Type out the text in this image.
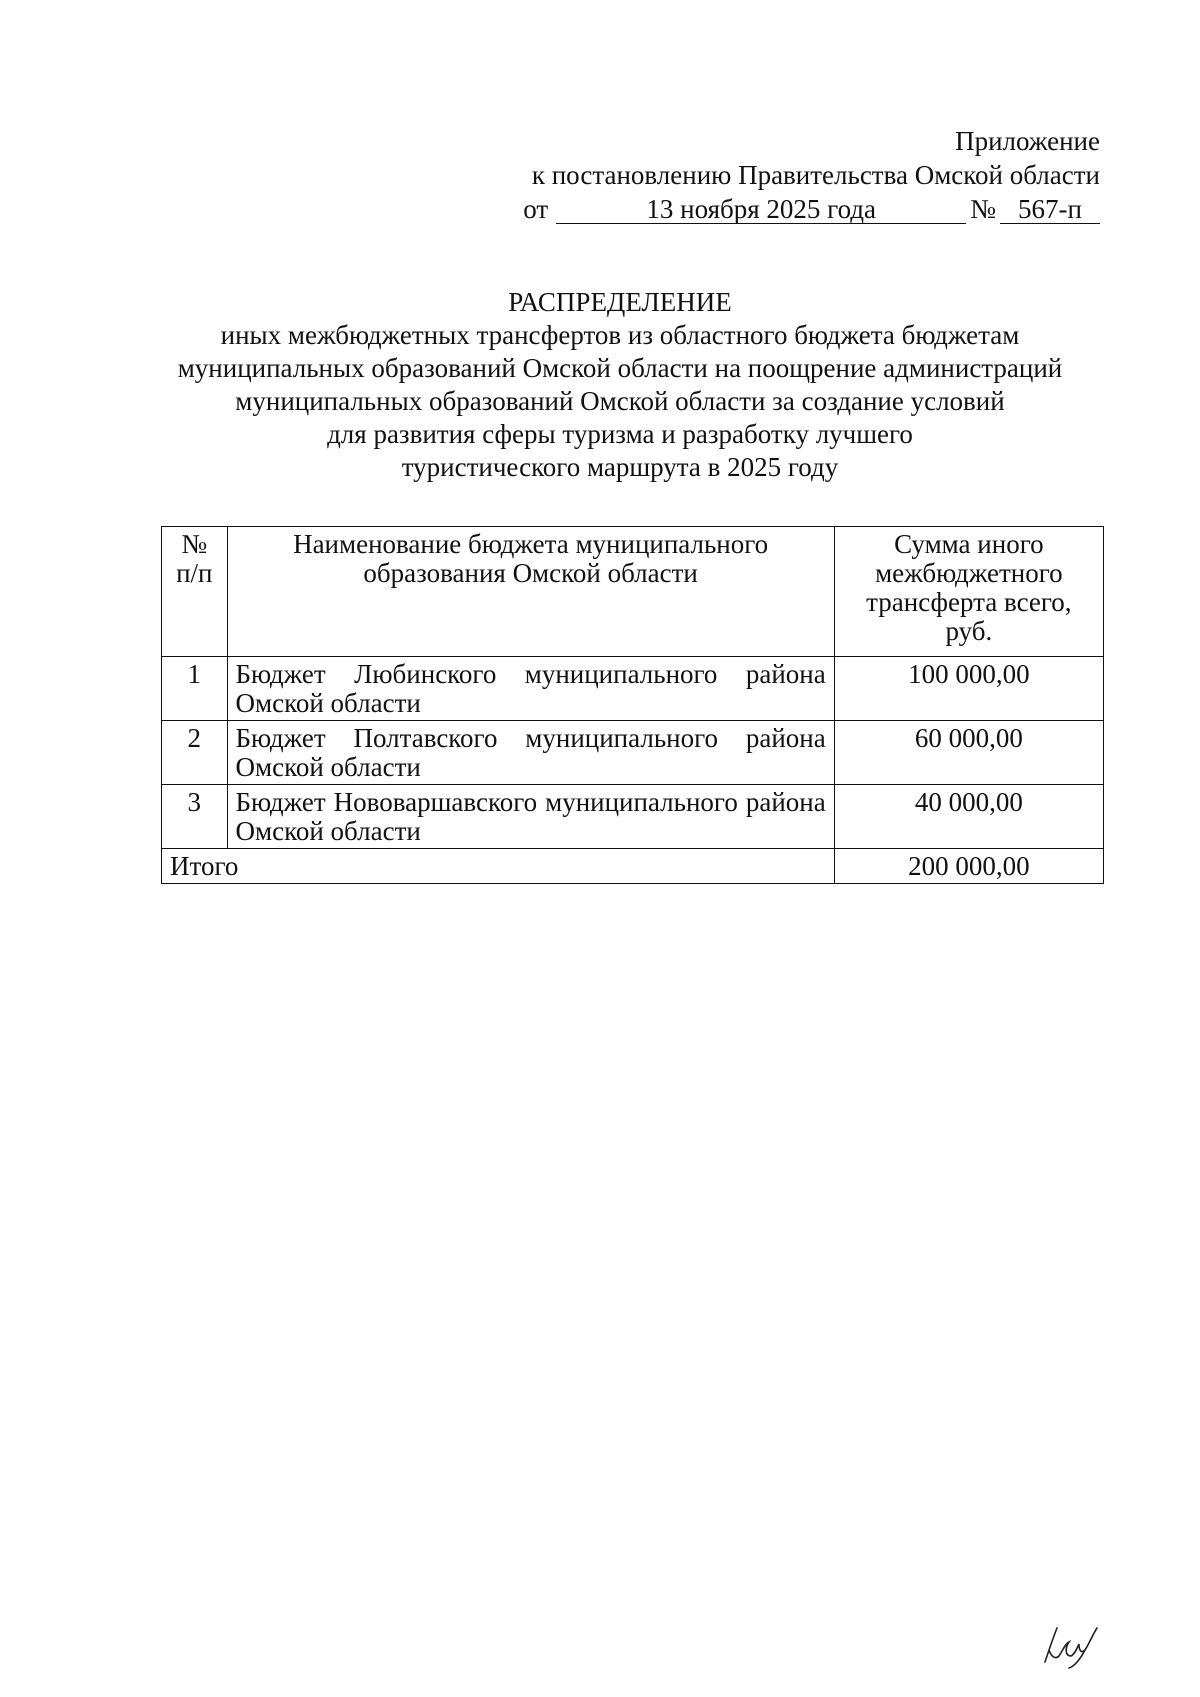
Приложение
к постановлению Правительства Омской области
от	13 ноября 2025 года	№ 567-п
РАСПРЕДЕЛЕНИЕ
иных межбюджетных трансфертов из областного бюджета бюджетам
муниципальных образований Омской области на поощрение администраций
муниципальных образований Омской области за создание условий
для развития сферы туризма и разработку лучшего
туристического маршрута в 2025 году
№ п/п	Наименование бюджета муниципального образования Омской области	Сумма иного межбюджетного трансферта всего, руб.

1	Бюджет Любинского муниципального района Омской области	100 000,00
2	Бюджет Полтавского муниципального района Омской области	60 000,00
3	Бюджет Нововаршавского муниципального района Омской области	40 000,00
Итого		200 000,00
